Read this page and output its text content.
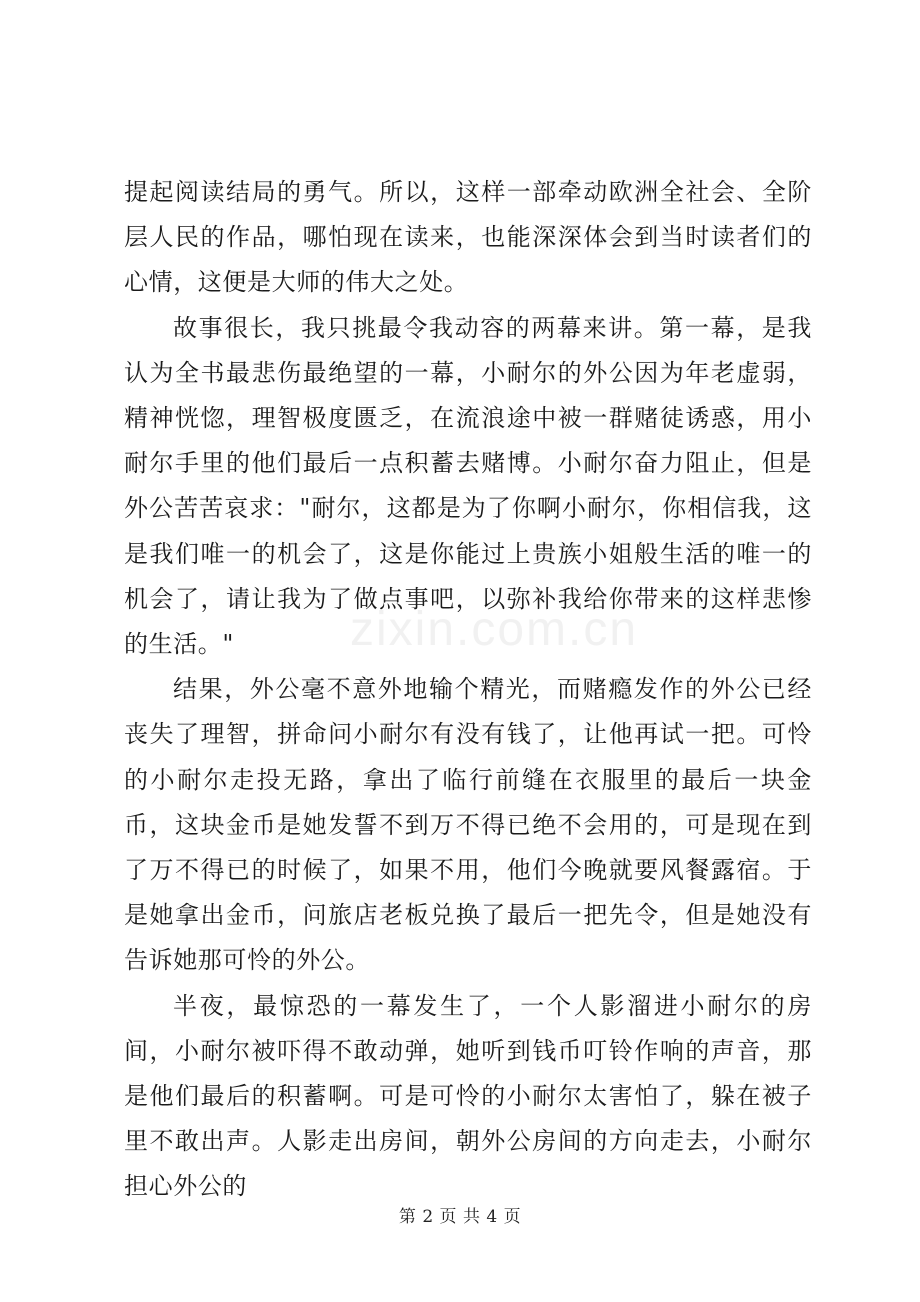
提起阅读结局的勇气。所以，这样一部牵动欧洲全社会、全阶层人民的作品，哪怕现在读来，也能深深体会到当时读者们的心情，这便是大师的伟大之处。

故事很长，我只挑最令我动容的两幕来讲。第一幕，是我认为全书最悲伤最绝望的一幕，小耐尔的外公因为年老虚弱，精神恍惚，理智极度匮乏，在流浪途中被一群赌徒诱惑，用小耐尔手里的他们最后一点积蓄去赌博。小耐尔奋力阻止，但是外公苦苦哀求："耐尔，这都是为了你啊小耐尔，你相信我，这是我们唯一的机会了，这是你能过上贵族小姐般生活的唯一的机会了，请让我为了做点事吧，以弥补我给你带来的这样悲惨的生活。"

结果，外公毫不意外地输个精光，而赌瘾发作的外公已经丧失了理智，拼命问小耐尔有没有钱了，让他再试一把。可怜的小耐尔走投无路，拿出了临行前缝在衣服里的最后一块金币，这块金币是她发誓不到万不得已绝不会用的，可是现在到了万不得已的时候了，如果不用，他们今晚就要风餐露宿。于是她拿出金币，问旅店老板兑换了最后一把先令，但是她没有告诉她那可怜的外公。

半夜，最惊恐的一幕发生了，一个人影溜进小耐尔的房间，小耐尔被吓得不敢动弹，她听到钱币叮铃作响的声音，那是他们最后的积蓄啊。可是可怜的小耐尔太害怕了，躲在被子里不敢出声。人影走出房间，朝外公房间的方向走去，小耐尔担心外公的

zixin.com.cn
第 2 页 共 4 页
